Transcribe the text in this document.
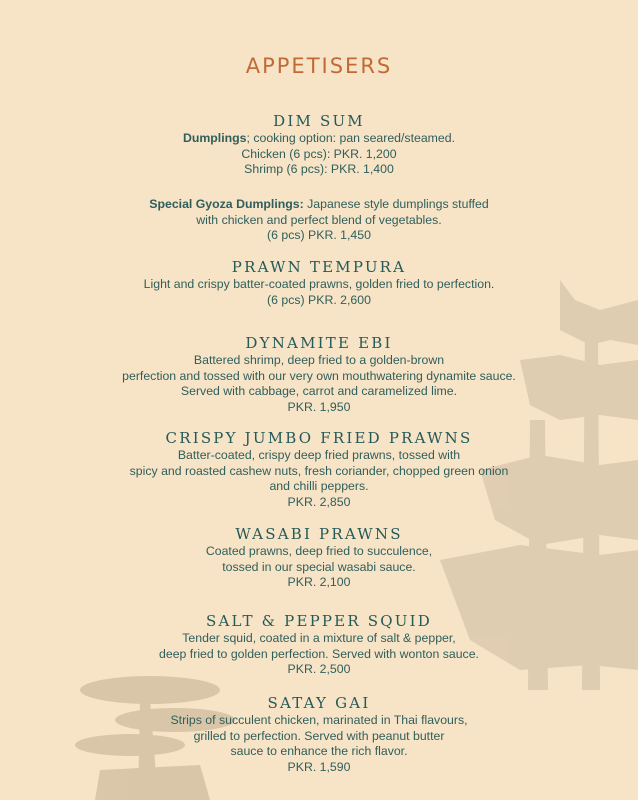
APPETISERS
DIM SUM
Dumplings; cooking option: pan seared/steamed.
Chicken (6 pcs): PKR. 1,200
Shrimp (6 pcs): PKR. 1,400
Special Gyoza Dumplings: Japanese style dumplings stuffed
with chicken and perfect blend of vegetables.
(6 pcs) PKR. 1,450
PRAWN TEMPURA
Light and crispy batter-coated prawns, golden fried to perfection.
(6 pcs) PKR. 2,600
DYNAMITE EBI
Battered shrimp, deep fried to a golden-brown
perfection and tossed with our very own mouthwatering dynamite sauce.
Served with cabbage, carrot and caramelized lime.
PKR. 1,950
CRISPY JUMBO FRIED PRAWNS
Batter-coated, crispy deep fried prawns, tossed with
spicy and roasted cashew nuts, fresh coriander, chopped green onion
and chilli peppers.
PKR. 2,850
WASABI PRAWNS
Coated prawns, deep fried to succulence,
tossed in our special wasabi sauce.
PKR. 2,100
SALT & PEPPER SQUID
Tender squid, coated in a mixture of salt & pepper,
deep fried to golden perfection. Served with wonton sauce.
PKR. 2,500
SATAY GAI
Strips of succulent chicken, marinated in Thai flavours,
grilled to perfection. Served with peanut butter
sauce to enhance the rich flavor.
PKR. 1,590
